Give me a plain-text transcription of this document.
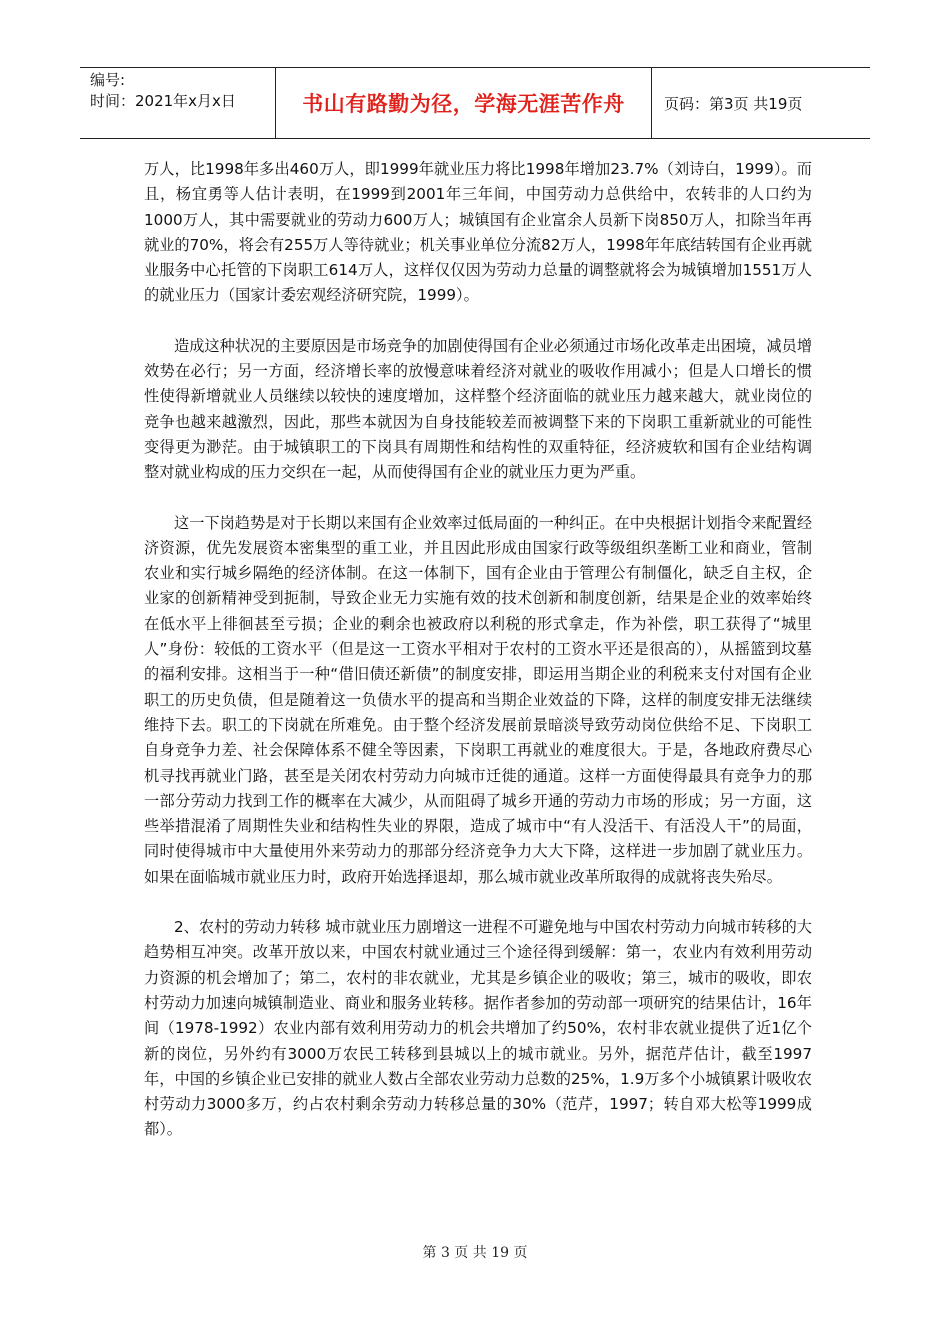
编号:
时间：2021年x月x日	书山有路勤为径，学海无涯苦作舟	页码：第3页 共19页

万人，比1998年多出460万人，即1999年就业压力将比1998年增加23.7%（刘诗白，1999）。而且，杨宜勇等人估计表明，在1999到2001年三年间，中国劳动力总供给中，农转非的人口约为1000万人，其中需要就业的劳动力600万人；城镇国有企业富余人员新下岗850万人，扣除当年再就业的70%，将会有255万人等待就业；机关事业单位分流82万人，1998年年底结转国有企业再就业服务中心托管的下岗职工614万人，这样仅仅因为劳动力总量的调整就将会为城镇增加1551万人的就业压力（国家计委宏观经济研究院，1999）。

造成这种状况的主要原因是市场竞争的加剧使得国有企业必须通过市场化改革走出困境，减员增效势在必行；另一方面，经济增长率的放慢意味着经济对就业的吸收作用减小；但是人口增长的惯性使得新增就业人员继续以较快的速度增加，这样整个经济面临的就业压力越来越大，就业岗位的竞争也越来越激烈，因此，那些本就因为自身技能较差而被调整下来的下岗职工重新就业的可能性变得更为渺茫。由于城镇职工的下岗具有周期性和结构性的双重特征，经济疲软和国有企业结构调整对就业构成的压力交织在一起，从而使得国有企业的就业压力更为严重。

这一下岗趋势是对于长期以来国有企业效率过低局面的一种纠正。在中央根据计划指令来配置经济资源，优先发展资本密集型的重工业，并且因此形成由国家行政等级组织垄断工业和商业，管制农业和实行城乡隔绝的经济体制。在这一体制下，国有企业由于管理公有制僵化，缺乏自主权，企业家的创新精神受到扼制，导致企业无力实施有效的技术创新和制度创新，结果是企业的效率始终在低水平上徘徊甚至亏损；企业的剩余也被政府以利税的形式拿走，作为补偿，职工获得了“城里人”身份：较低的工资水平（但是这一工资水平相对于农村的工资水平还是很高的），从摇篮到坟墓的福利安排。这相当于一种“借旧债还新债”的制度安排，即运用当期企业的利税来支付对国有企业职工的历史负债，但是随着这一负债水平的提高和当期企业效益的下降，这样的制度安排无法继续维持下去。职工的下岗就在所难免。由于整个经济发展前景暗淡导致劳动岗位供给不足、下岗职工自身竞争力差、社会保障体系不健全等因素，下岗职工再就业的难度很大。于是，各地政府费尽心机寻找再就业门路，甚至是关闭农村劳动力向城市迁徙的通道。这样一方面使得最具有竞争力的那一部分劳动力找到工作的概率在大减少，从而阻碍了城乡开通的劳动力市场的形成；另一方面，这些举措混淆了周期性失业和结构性失业的界限，造成了城市中“有人没活干、有活没人干”的局面，同时使得城市中大量使用外来劳动力的那部分经济竞争力大大下降，这样进一步加剧了就业压力。如果在面临城市就业压力时，政府开始选择退却，那么城市就业改革所取得的成就将丧失殆尽。

2、农村的劳动力转移 城市就业压力剧增这一进程不可避免地与中国农村劳动力向城市转移的大趋势相互冲突。改革开放以来，中国农村就业通过三个途径得到缓解：第一，农业内有效利用劳动力资源的机会增加了；第二，农村的非农就业，尤其是乡镇企业的吸收；第三，城市的吸收，即农村劳动力加速向城镇制造业、商业和服务业转移。据作者参加的劳动部一项研究的结果估计，16年间（1978-1992）农业内部有效利用劳动力的机会共增加了约50%，农村非农就业提供了近1亿个新的岗位，另外约有3000万农民工转移到县城以上的城市就业。另外，据范芹估计，截至1997年，中国的乡镇企业已安排的就业人数占全部农业劳动力总数的25%，1.9万多个小城镇累计吸收农村劳动力3000多万，约占农村剩余劳动力转移总量的30%（范芹，1997；转自邓大松等1999成都）。

第 3 页 共 19 页
